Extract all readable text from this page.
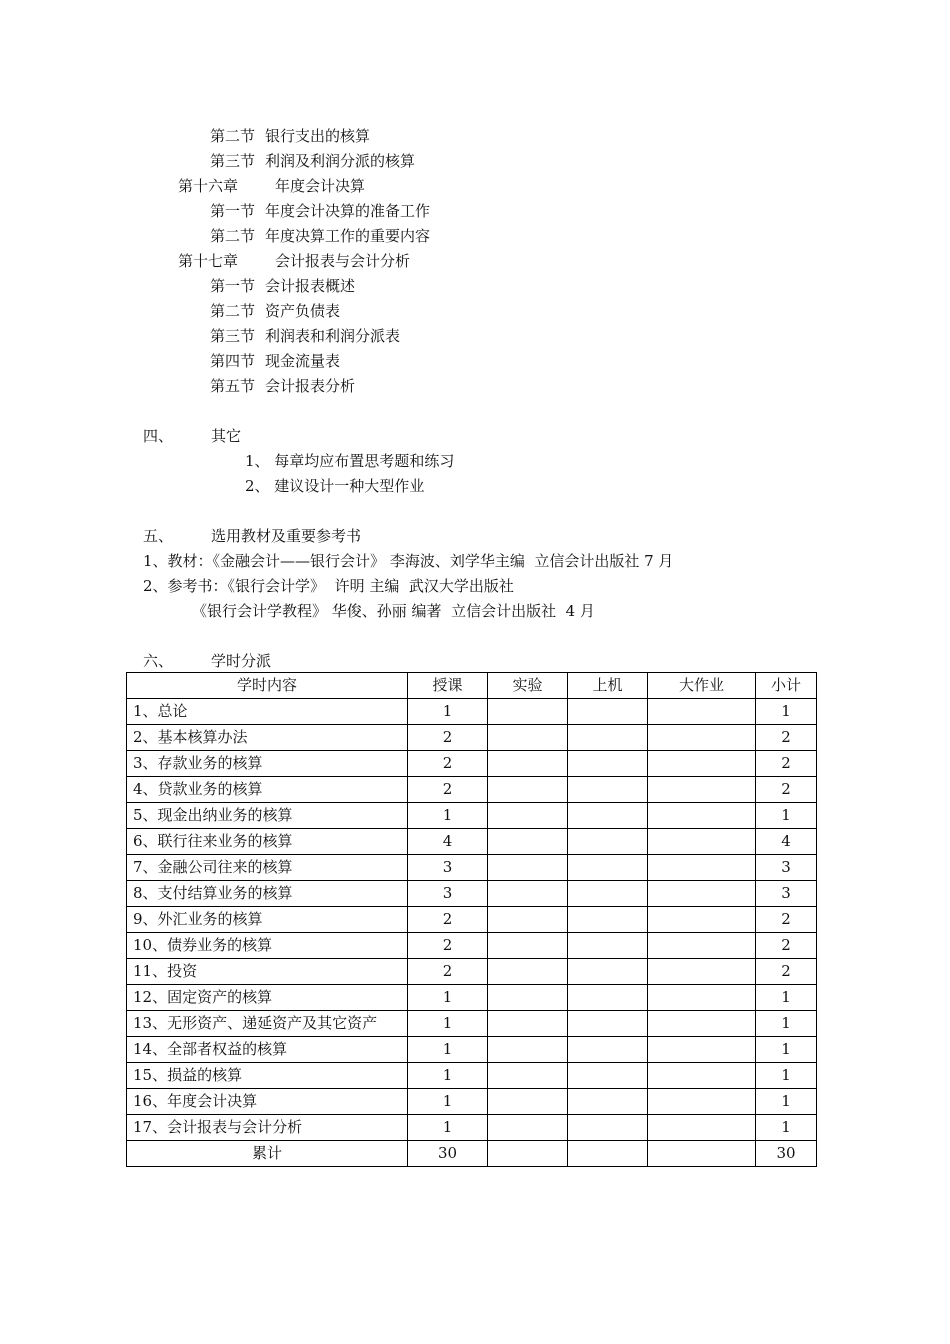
第二节 银行支出的核算
第三节 利润及利润分派的核算
第十六章 年度会计决算
第一节 年度会计决算的准备工作
第二节 年度决算工作的重要内容
第十七章 会计报表与会计分析
第一节 会计报表概述
第二节 资产负债表
第三节 利润表和利润分派表
第四节 现金流量表
第五节 会计报表分析
四、	其它
1、 每章均应布置思考题和练习
2、 建议设计一种大型作业
五、	选用教材及重要参考书
1、教材：《金融会计——银行会计》 李海波、刘学华主编  立信会计出版社 7 月
2、参考书：《银行会计学》  许明 主编  武汉大学出版社
《银行会计学教程》 华俊、孙丽 编著  立信会计出版社  4 月
六、	学时分派
学时内容	授课	实验	上机	大作业	小计
1、总论	1				1
2、基本核算办法	2				2
3、存款业务的核算	2				2
4、贷款业务的核算	2				2
5、现金出纳业务的核算	1				1
6、联行往来业务的核算	4				4
7、金融公司往来的核算	3				3
8、支付结算业务的核算	3				3
9、外汇业务的核算	2				2
10、债券业务的核算	2				2
11、投资	2				2
12、固定资产的核算	1				1
13、无形资产、递延资产及其它资产	1				1
14、全部者权益的核算	1				1
15、损益的核算	1				1
16、年度会计决算	1				1
17、会计报表与会计分析	1				1
累计	30				30
